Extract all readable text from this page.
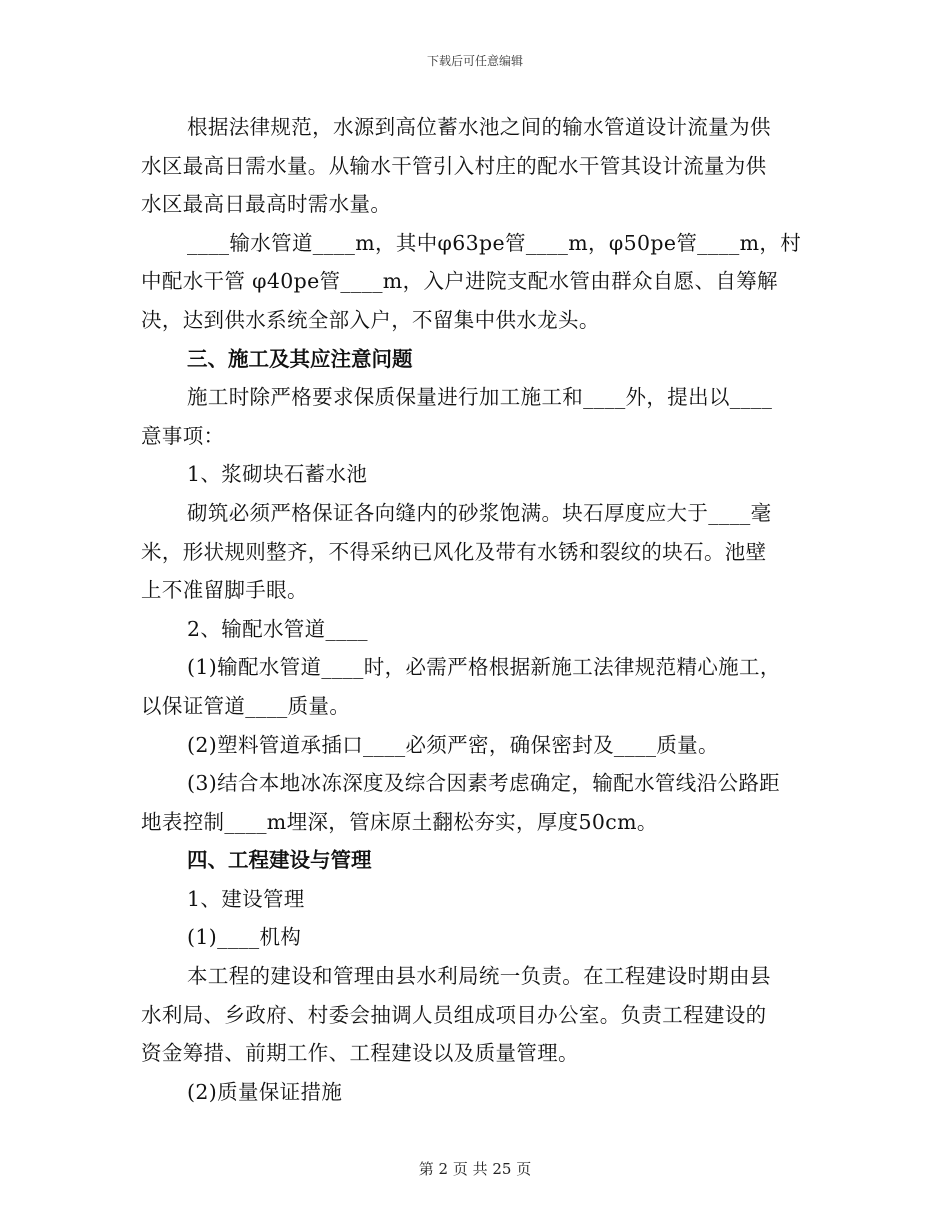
下载后可任意编辑

根据法律规范，水源到高位蓄水池之间的输水管道设计流量为供

水区最高日需水量。从输水干管引入村庄的配水干管其设计流量为供

水区最高日最高时需水量。

____输水管道____m，其中φ63pe管____m，φ50pe管____m，村

中配水干管 φ40pe管____m，入户进院支配水管由群众自愿、自筹解

决，达到供水系统全部入户，不留集中供水龙头。

三、施工及其应注意问题

施工时除严格要求保质保量进行加工施工和____外，提出以____

意事项：

1、浆砌块石蓄水池

砌筑必须严格保证各向缝内的砂浆饱满。块石厚度应大于____毫

米，形状规则整齐，不得采纳已风化及带有水锈和裂纹的块石。池壁

上不准留脚手眼。

2、输配水管道____

(1)输配水管道____时，必需严格根据新施工法律规范精心施工，

以保证管道____质量。

(2)塑料管道承插口____必须严密，确保密封及____质量。

(3)结合本地冰冻深度及综合因素考虑确定，输配水管线沿公路距

地表控制____m埋深，管床原土翻松夯实，厚度50cm。

四、工程建设与管理

1、建设管理

(1)____机构

本工程的建设和管理由县水利局统一负责。在工程建设时期由县

水利局、乡政府、村委会抽调人员组成项目办公室。负责工程建设的

资金筹措、前期工作、工程建设以及质量管理。

(2)质量保证措施

第 2 页 共 25 页
